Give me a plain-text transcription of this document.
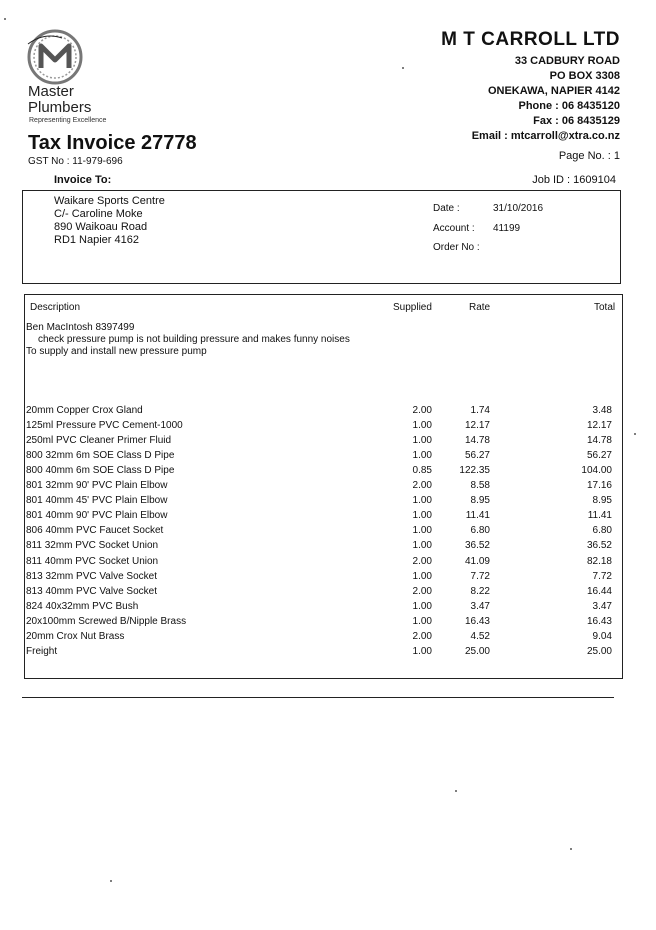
Master
Plumbers
Representing Excellence
M T CARROLL LTD
33 CADBURY ROAD
PO BOX 3308
ONEKAWA, NAPIER 4142
Phone : 06 8435120
Fax : 06 8435129
Email : mtcarroll@xtra.co.nz
Tax Invoice 27778
GST No : 11-979-696	Page No. : 1
Invoice To:	Job ID : 1609104
Waikare Sports Centre
C/- Caroline Moke
890 Waikoau Road
RD1 Napier 4162
Date :	31/10/2016
Account : 41199
Order No :
Description	Supplied	Rate	Total
Ben MacIntosh 8397499
check pressure pump is not building pressure and makes funny noises
To supply and install new pressure pump
20mm Copper Crox Gland	2.00	1.74	3.48
125ml Pressure PVC Cement-1000	1.00	12.17	12.17
250ml PVC Cleaner Primer Fluid	1.00	14.78	14.78
800 32mm 6m SOE Class D Pipe	1.00	56.27	56.27
800 40mm 6m SOE Class D Pipe	0.85	122.35	104.00
801 32mm 90' PVC Plain Elbow	2.00	8.58	17.16
801 40mm 45' PVC Plain Elbow	1.00	8.95	8.95
801 40mm 90' PVC Plain Elbow	1.00	11.41	11.41
806 40mm PVC Faucet Socket	1.00	6.80	6.80
811 32mm PVC Socket Union	1.00	36.52	36.52
811 40mm PVC Socket Union	2.00	41.09	82.18
813 32mm PVC Valve Socket	1.00	7.72	7.72
813 40mm PVC Valve Socket	2.00	8.22	16.44
824 40x32mm PVC Bush	1.00	3.47	3.47
20x100mm Screwed B/Nipple Brass	1.00	16.43	16.43
20mm Crox Nut Brass	2.00	4.52	9.04
Freight	1.00	25.00	25.00
